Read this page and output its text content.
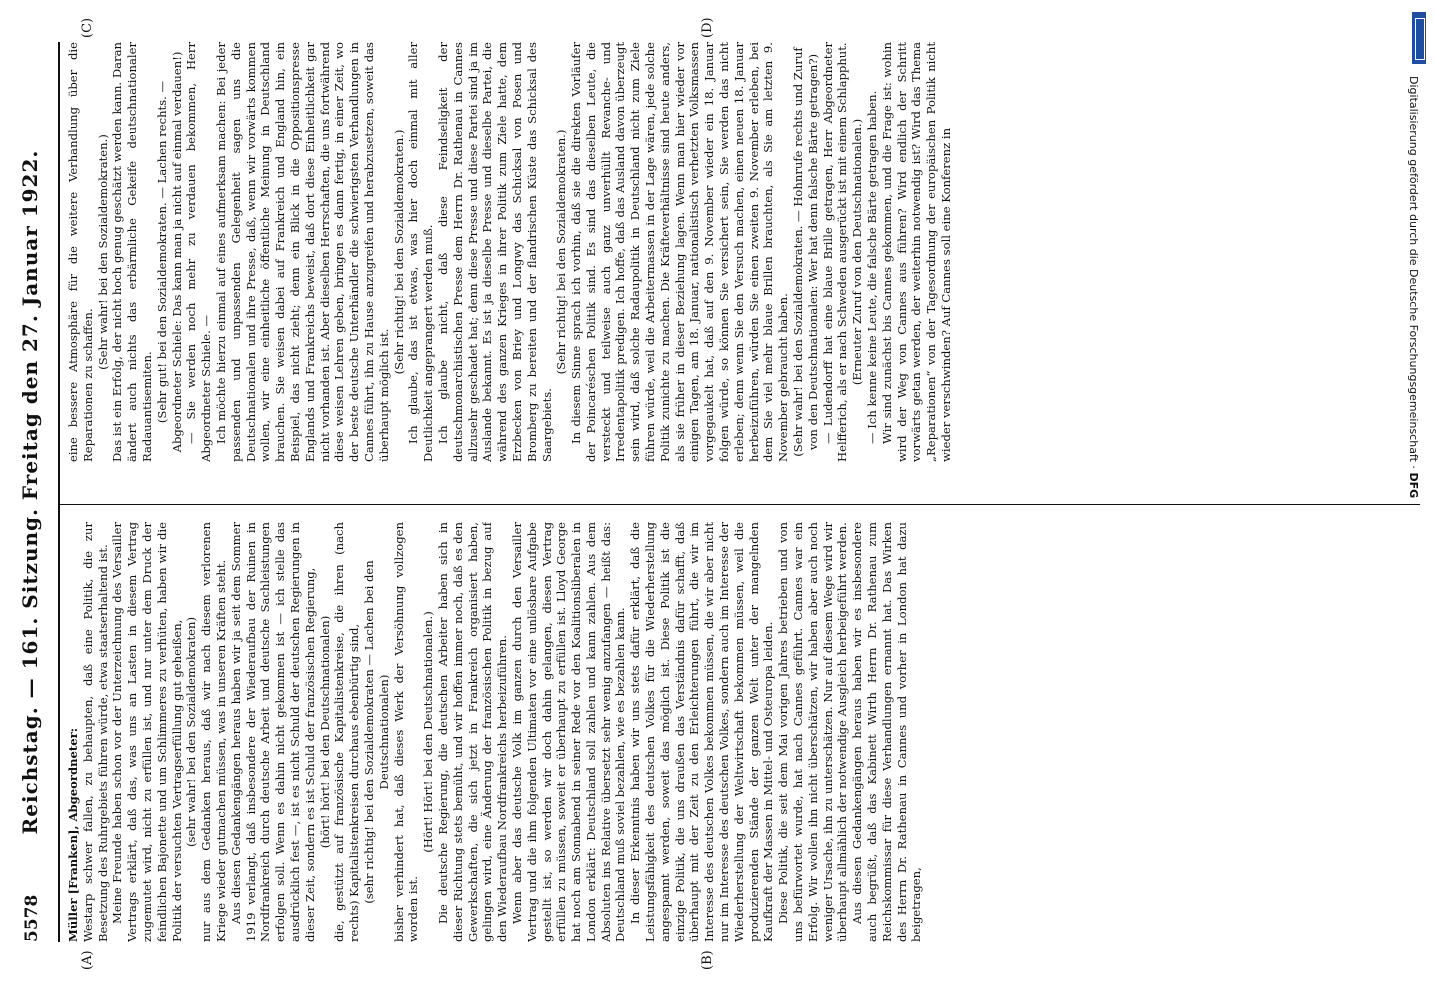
5578
Reichstag. — 161. Sitzung. Freitag den 27. Januar 1922.
(A)	(B)
(C)	(D)

Müller [Franken], Abgeordneter: Westarp schwer fallen, zu behaupten, daß eine Politik, die zur Besetzung des Ruhrgebiets führen würde, etwa staatserhaltend ist. Meine Freunde haben schon vor der Unterzeichnung des Versailler Vertrags erklärt, daß das, was uns an Lasten in diesem Vertrag zugemutet wird, nicht zu erfüllen ist, und nur unter dem Druck der feindlichen Bajonette und um Schlimmeres zu verhüten, haben wir die Politik der versuchten Vertragserfüllung gut geheißen, (sehr wahr! bei den Sozialdemokraten) nur aus dem Gedanken heraus, daß wir nach diesem verlorenen Kriege wieder gutmachen müssen, was in unseren Kräften steht. Aus diesen Gedankengängen heraus haben wir ja seit dem Sommer 1919 verlangt, daß insbesondere der Wiederaufbau der Ruinen in Nordfrankreich durch deutsche Arbeit und deutsche Sachleistungen erfolgen soll. Wenn es dahin nicht gekommen ist — ich stelle das ausdrücklich fest —, ist es nicht Schuld der deutschen Regierungen in dieser Zeit, sondern es ist Schuld der französischen Regierung, (hört! hört! bei den Deutschnationalen) die, gestützt auf französische Kapitalistenkreise, die ihren (nach rechts) Kapitalistenkreisen durchaus ebenbürtig sind, (sehr richtig! bei den Sozialdemokraten — Lachen bei den Deutschnationalen) bisher verhindert hat, daß dieses Werk der Versöhnung vollzogen worden ist.

(Hört! Hört! bei den Deutschnationalen.) Die deutsche Regierung, die deutschen Arbeiter haben sich in dieser Richtung stets bemüht, und wir hoffen immer noch, daß es den Gewerkschaften, die sich jetzt in Frankreich organisiert haben, gelingen wird, eine Änderung der französischen Politik in bezug auf den Wiederaufbau Nordfrankreichs herbeizuführen. Wenn aber das deutsche Volk im ganzen durch den Versailler Vertrag und die ihm folgenden Ultimaten vor eine unlösbare Aufgabe gestellt ist, so werden wir doch dahin gelangen, diesen Vertrag erfüllen zu müssen, soweit er überhaupt zu erfüllen ist. Lloyd George hat noch am Sonnabend in seiner Rede vor den Koalitionsliberalen in London erklärt: Deutschland soll zahlen und kann zahlen. Aus dem Absoluten ins Relative übersetzt sehr wenig anzufangen — heißt das: Deutschland muß soviel bezahlen, wie es bezahlen kann. In dieser Erkenntnis haben wir uns stets dafür erklärt, daß die Leistungsfähigkeit des deutschen Volkes für die Wiederherstellung angespannt werden, soweit das möglich ist. Diese Politik ist die einzige Politik, die uns draußen das Verständnis dafür schafft, daß überhaupt mit der Zeit zu den Erleichterungen führt, die wir im Interesse des deutschen Volkes bekommen müssen, die wir aber nicht nur im Interesse des deutschen Volkes, sondern auch im Interesse der Wiederherstellung der Weltwirtschaft bekommen müssen, weil die produzierenden Stände der ganzen Welt unter der mangelnden Kaufkraft der Massen in Mittel- und Osteuropa leiden. Diese Politik, die seit dem Mai vorigen Jahres betrieben und von uns befürwortet wurde, hat nach Cannes geführt. Cannes war ein Erfolg. Wir wollen ihn nicht überschätzen, wir haben aber auch noch weniger Ursache, ihn zu unterschätzen. Nur auf diesem Wege wird wir überhaupt allmählich der notwendige Ausgleich herbeigeführt werden. Aus diesen Gedankengängen heraus haben wir es insbesondere auch begrüßt, daß das Kabinett Wirth Herrn Dr. Rathenau zum Reichskommissar für diese Verhandlungen ernannt hat. Das Wirken des Herrn Dr. Rathenau in Cannes und vorher in London hat dazu beigetragen,

eine bessere Atmosphäre für die weitere Verhandlung über die Reparationen zu schaffen.

(Sehr wahr! bei den Sozialdemokraten.) Das ist ein Erfolg, der nicht hoch genug geschätzt werden kann. Daran ändert auch nichts das erbärmliche Gekeife deutschnationaler Radauantisemiten. (Sehr gut! bei den Sozialdemokraten. — Lachen rechts. — Abgeordneter Schiele: Das kann man ja nicht auf einmal verdauen!) — Sie werden noch mehr zu verdauen bekommen, Herr Abgeordneter Schiele. — Ich möchte hierzu einmal auf eines aufmerksam machen: Bei jeder passenden und unpassenden Gelegenheit sagen uns die Deutschnationalen und ihre Presse, daß, wenn wir vorwärts kommen wollen, wir eine einheitliche öffentliche Meinung in Deutschland brauchen. Sie weisen dabei auf Frankreich und England hin, ein Beispiel, das nicht zieht; denn ein Blick in die Oppositionspresse Englands und Frankreichs beweist, daß dort diese Einheitlichkeit gar nicht vorhanden ist. Aber dieselben Herrschaften, die uns fortwährend diese weisen Lehren geben, bringen es dann fertig, in einer Zeit, wo der beste deutsche Unterhändler die schwierigsten Verhandlungen in Cannes führt, ihn zu Hause anzugreifen und herabzusetzen, soweit das überhaupt möglich ist.

(Sehr richtig! bei den Sozialdemokraten.) Ich glaube, das ist etwas, was hier doch einmal mit aller Deutlichkeit angeprangert werden muß. Ich glaube nicht, daß diese Feindseligkeit der deutschmonarchistischen Presse dem Herrn Dr. Rathenau in Cannes allzusehr geschadet hat; denn diese Presse und diese Partei sind ja im Auslande bekannt. Es ist ja dieselbe Presse und dieselbe Partei, die während des ganzen Krieges in ihrer Politik zum Ziele hatte, dem Erzbecken von Briey und Longwy das Schicksal von Posen und Bromberg zu bereiten und der flandrischen Küste das Schicksal des Saargebiets.

(Sehr richtig! bei den Sozialdemokraten.) In diesem Sinne sprach ich vorhin, daß sie die direkten Vorläufer der Poincaréschen Politik sind. Es sind das dieselben Leute, die versteckt und teilweise auch ganz unverhüllt Revanche- und Irredentapolitik predigen. Ich hoffe, daß das Ausland davon überzeugt sein wird, daß solche Radaupolitik in Deutschland nicht zum Ziele führen würde, weil die Arbeitermassen in der Lage wären, jede solche Politik zunichte zu machen. Die Kräfteverhältnisse sind heute anders, als sie früher in dieser Beziehung lagen. Wenn man hier wieder vor einigen Tagen, am 18. Januar, nationalistisch verhetzten Volksmassen vorgegaukelt hat, daß auf den 9. November wieder ein 18. Januar folgen würde, so können Sie versichert sein, Sie werden das nicht erleben; denn wenn Sie den Versuch machen, einen neuen 18. Januar herbeizuführen, würden Sie einen zweiten 9. November erleben, bei dem Sie viel mehr blaue Brillen brauchten, als Sie am letzten 9. November gebraucht haben. (Sehr wahr! bei den Sozialdemokraten. — Hohnrufe rechts und Zuruf von den Deutschnationalen: Wer hat denn falsche Bärte getragen?) — Ludendorff hat eine blaue Brille getragen, Herr Abgeordneter Helfferich, als er nach Schweden ausgerückt ist mit einem Schlapphut. (Erneuter Zuruf von den Deutschnationalen.) — Ich kenne keine Leute, die falsche Bärte getragen haben. Wir sind zunächst bis Cannes gekommen, und die Frage ist: wohin wird der Weg von Cannes aus führen? Wird endlich der Schritt vorwärts getan werden, der weiterhin notwendig ist? Wird das Thema „Reparationen“ von der Tagesordnung der europäischen Politik nicht wieder verschwinden? Auf Cannes soll eine Konferenz in	Digitalisierung gefördert durch die Deutsche Forschungsgemeinschaft · DFG
